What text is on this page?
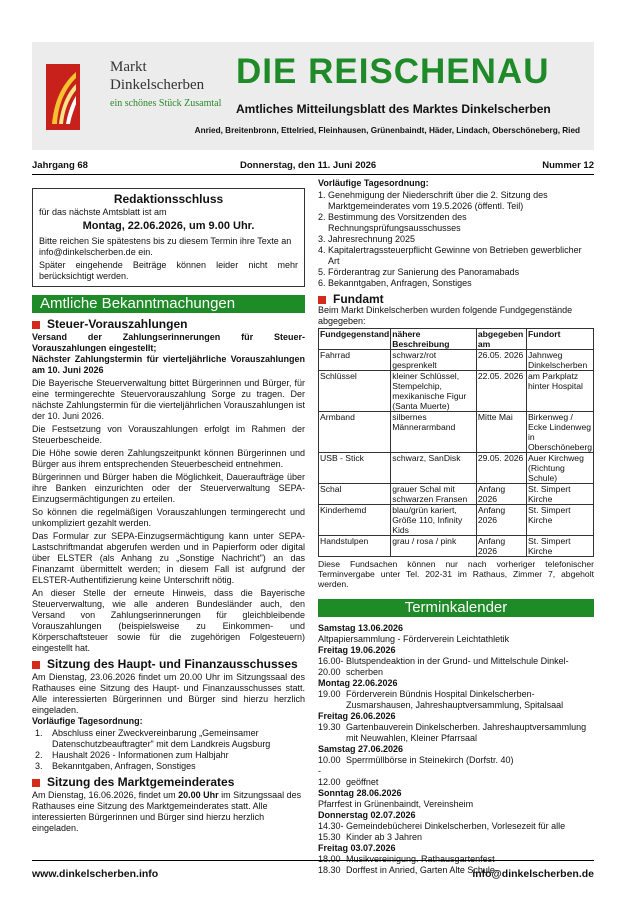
Markt
Dinkelscherben
ein schönes Stück Zusamtal
DIE REISCHENAU
Amtliches Mitteilungsblatt des Marktes Dinkelscherben
Anried, Breitenbronn, Ettelried, Fleinhausen, Grünenbaindt, Häder, Lindach, Oberschöneberg, Ried
Jahrgang 68	Donnerstag, den 11. Juni 2026	Nummer 12
Redaktionsschluss
für das nächste Amtsblatt ist am
Montag, 22.06.2026, um 9.00 Uhr.

Bitte reichen Sie spätestens bis zu diesem Termin ihre Texte an info@dinkelscherben.de ein.

Später eingehende Beiträge können leider nicht mehr berücksichtigt werden.

Amtliche Bekanntmachungen
Steuer-Vorauszahlungen

Versand der Zahlungserinnerungen für Steuer-Vorauszahlungen eingestellt;

Nächster Zahlungstermin für vierteljährliche Vorauszahlungen am 10. Juni 2026

Die Bayerische Steuerverwaltung bittet Bürgerinnen und Bürger, für eine termingerechte Steuervorauszahlung Sorge zu tragen. Der nächste Zahlungstermin für die vierteljährlichen Vorauszahlungen ist der 10. Juni 2026.

Die Festsetzung von Vorauszahlungen erfolgt im Rahmen der Steuerbescheide.

Die Höhe sowie deren Zahlungszeitpunkt können Bürgerinnen und Bürger aus ihrem entsprechenden Steuerbescheid entnehmen.

Bürgerinnen und Bürger haben die Möglichkeit, Daueraufträge über ihre Banken einzurichten oder der Steuerverwaltung SEPA-Einzugsermächtigungen zu erteilen.

So können die regelmäßigen Vorauszahlungen termingerecht und unkompliziert gezahlt werden.

Das Formular zur SEPA-Einzugsermächtigung kann unter SEPA-Lastschriftmandat abgerufen werden und in Papierform oder digital über ELSTER (als Anhang zu „Sonstige Nachricht") an das Finanzamt übermittelt werden; in diesem Fall ist aufgrund der ELSTER-Authentifizierung keine Unterschrift nötig.

An dieser Stelle der erneute Hinweis, dass die Bayerische Steuerverwaltung, wie alle anderen Bundesländer auch, den Versand von Zahlungserinnerungen für gleichbleibende Vorauszahlungen (beispielsweise zu Einkommen- und Körperschaftsteuer sowie für die zugehörigen Folgesteuern) eingestellt hat.

Sitzung des Haupt- und Finanzausschusses

Am Dienstag, 23.06.2026 findet um 20.00 Uhr im Sitzungssaal des Rathauses eine Sitzung des Haupt- und Finanzausschusses statt. Alle interessierten Bürgerinnen und Bürger sind hierzu herzlich eingeladen.

Vorläufige Tagesordnung:

1.	Abschluss einer Zweckvereinbarung „Gemeinsamer Datenschutzbeauftragter" mit dem Landkreis Augsburg
2.	Haushalt 2026 - Informationen zum Halbjahr
3.	Bekanntgaben, Anfragen, Sonstiges
Sitzung des Marktgemeinderates

Am Dienstag, 16.06.2026, findet um 20.00 Uhr im Sitzungssaal des Rathauses eine Sitzung des Marktgemeinderates statt. Alle interessierten Bürgerinnen und Bürger sind hierzu herzlich eingeladen.

Vorläufige Tagesordnung:

1. Genehmigung der Niederschrift über die 2. Sitzung des Marktgemeinderates vom 19.5.2026 (öffentl. Teil)
2. Bestimmung des Vorsitzenden des Rechnungsprüfungsausschusses
3. Jahresrechnung 2025
4. Kapitalertragssteuerpflicht Gewinne von Betrieben gewerblicher Art
5. Förderantrag zur Sanierung des Panoramabads
6. Bekanntgaben, Anfragen, Sonstiges
Fundamt

Beim Markt Dinkelscherben wurden folgende Fundgegenstände abgegeben:

Fundgegenstand	nähere Beschreibung	abgegeben am	Fundort
Fahrrad	schwarz/rot gesprenkelt	26.05. 2026	Jahnweg Dinkelscherben
Schlüssel	kleiner Schlüssel, Stempelchip, mexikanische Figur (Santa Muerte)	22.05. 2026	am Parkplatz hinter Hospital
Armband	silbernes Männerarmband	Mitte Mai	Birkenweg / Ecke Lindenweg in Oberschöneberg
USB - Stick	schwarz, SanDisk	29.05. 2026	Auer Kirchweg (Richtung Schule)
Schal	grauer Schal mit schwarzen Fransen	Anfang 2026	St. Simpert Kirche
Kinderhemd	blau/grün kariert, Größe 110, Infinity Kids	Anfang 2026	St. Simpert Kirche
Handstulpen	grau / rosa / pink	Anfang 2026	St. Simpert Kirche

Diese Fundsachen können nur nach vorheriger telefonischer Terminvergabe unter Tel. 202-31 im Rathaus, Zimmer 7, abgeholt werden.

Terminkalender
Samstag 13.06.2026
Altpapiersammlung - Förderverein Leichtathletik
Freitag 19.06.2026
16.00- Blutspendeaktion in der Grund- und Mittelschule Dinkel-
20.00 scherben
Montag 22.06.2026
19.00 Förderverein Bündnis Hospital Dinkelscherben-Zusmarshausen, Jahreshauptversammlung, Spitalsaal
Freitag 26.06.2026
19.30 Gartenbauverein Dinkelscherben. Jahreshauptversammlung mit Neuwahlen, Kleiner Pfarrsaal
Samstag 27.06.2026
10.00 -
Sperrmüllbörse in Steinekirch (Dorfstr. 40)
12.00 geöffnet
Sonntag 28.06.2026
Pfarrfest in Grünenbaindt, Vereinsheim
Donnerstag 02.07.2026
14.30- Gemeindebücherei Dinkelscherben, Vorlesezeit für alle
15.30 Kinder ab 3 Jahren
Freitag 03.07.2026
18.00 Musikvereinigung. Rathausgartenfest
18.30 Dorffest in Anried, Garten Alte Schule
www.dinkelscherben.info	info@dinkelscherben.de
